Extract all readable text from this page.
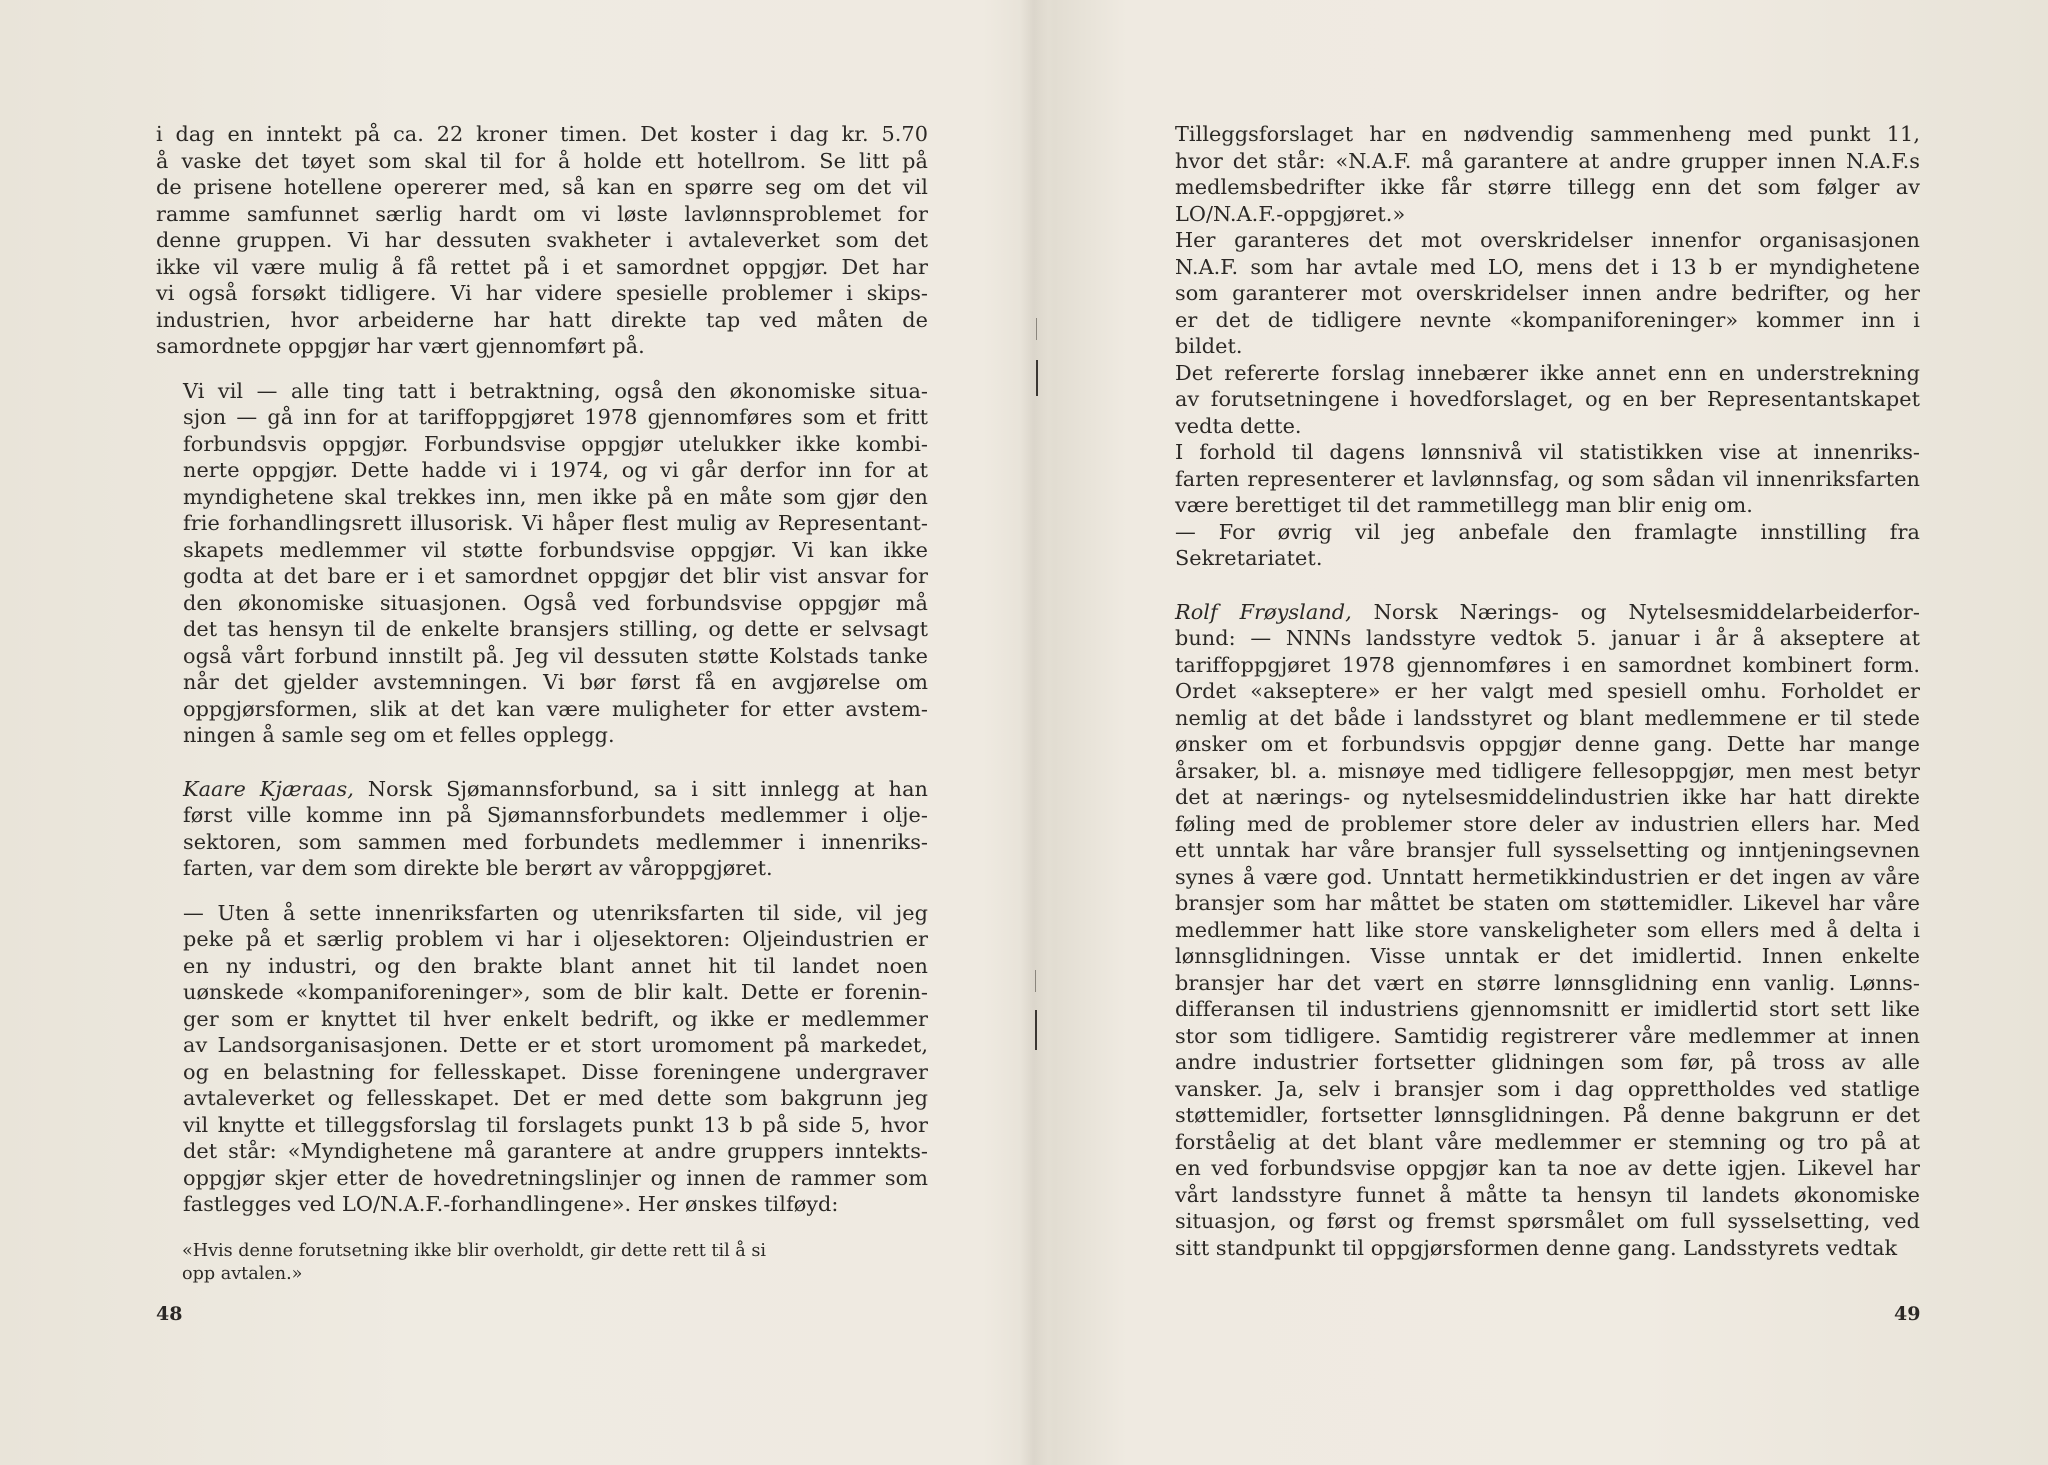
i dag en inntekt på ca. 22 kroner timen. Det koster i dag kr. 5.70
å vaske det tøyet som skal til for å holde ett hotellrom. Se litt på
de prisene hotellene opererer med, så kan en spørre seg om det vil
ramme samfunnet særlig hardt om vi løste lavlønnsproblemet for
denne gruppen. Vi har dessuten svakheter i avtaleverket som det
ikke vil være mulig å få rettet på i et samordnet oppgjør. Det har
vi også forsøkt tidligere. Vi har videre spesielle problemer i skips-
industrien, hvor arbeiderne har hatt direkte tap ved måten de
samordnete oppgjør har vært gjennomført på.
Vi vil — alle ting tatt i betraktning, også den økonomiske situa-
sjon — gå inn for at tariffoppgjøret 1978 gjennomføres som et fritt
forbundsvis oppgjør. Forbundsvise oppgjør utelukker ikke kombi-
nerte oppgjør. Dette hadde vi i 1974, og vi går derfor inn for at
myndighetene skal trekkes inn, men ikke på en måte som gjør den
frie forhandlingsrett illusorisk. Vi håper flest mulig av Representant-
skapets medlemmer vil støtte forbundsvise oppgjør. Vi kan ikke
godta at det bare er i et samordnet oppgjør det blir vist ansvar for
den økonomiske situasjonen. Også ved forbundsvise oppgjør må
det tas hensyn til de enkelte bransjers stilling, og dette er selvsagt
også vårt forbund innstilt på. Jeg vil dessuten støtte Kolstads tanke
når det gjelder avstemningen. Vi bør først få en avgjørelse om
oppgjørsformen, slik at det kan være muligheter for etter avstem-
ningen å samle seg om et felles opplegg.
Kaare Kjæraas, Norsk Sjømannsforbund, sa i sitt innlegg at han
først ville komme inn på Sjømannsforbundets medlemmer i olje-
sektoren, som sammen med forbundets medlemmer i innenriks-
farten, var dem som direkte ble berørt av våroppgjøret.
— Uten å sette innenriksfarten og utenriksfarten til side, vil jeg
peke på et særlig problem vi har i oljesektoren: Oljeindustrien er
en ny industri, og den brakte blant annet hit til landet noen
uønskede «kompaniforeninger», som de blir kalt. Dette er forenin-
ger som er knyttet til hver enkelt bedrift, og ikke er medlemmer
av Landsorganisasjonen. Dette er et stort uromoment på markedet,
og en belastning for fellesskapet. Disse foreningene undergraver
avtaleverket og fellesskapet. Det er med dette som bakgrunn jeg
vil knytte et tilleggsforslag til forslagets punkt 13 b på side 5, hvor
det står: «Myndighetene må garantere at andre gruppers inntekts-
oppgjør skjer etter de hovedretningslinjer og innen de rammer som
fastlegges ved LO/N.A.F.-forhandlingene». Her ønskes tilføyd:
«Hvis denne forutsetning ikke blir overholdt, gir dette rett til å si
opp avtalen.»
Tilleggsforslaget har en nødvendig sammenheng med punkt 11,
hvor det står: «N.A.F. må garantere at andre grupper innen N.A.F.s
medlemsbedrifter ikke får større tillegg enn det som følger av
LO/N.A.F.-oppgjøret.»
Her garanteres det mot overskridelser innenfor organisasjonen
N.A.F. som har avtale med LO, mens det i 13 b er myndighetene
som garanterer mot overskridelser innen andre bedrifter, og her
er det de tidligere nevnte «kompaniforeninger» kommer inn i
bildet.
Det refererte forslag innebærer ikke annet enn en understrekning
av forutsetningene i hovedforslaget, og en ber Representantskapet
vedta dette.
I forhold til dagens lønnsnivå vil statistikken vise at innenriks-
farten representerer et lavlønnsfag, og som sådan vil innenriksfarten
være berettiget til det rammetillegg man blir enig om.
— For øvrig vil jeg anbefale den framlagte innstilling fra
Sekretariatet.
Rolf Frøysland, Norsk Nærings- og Nytelsesmiddelarbeiderfor-
bund: — NNNs landsstyre vedtok 5. januar i år å akseptere at
tariffoppgjøret 1978 gjennomføres i en samordnet kombinert form.
Ordet «akseptere» er her valgt med spesiell omhu. Forholdet er
nemlig at det både i landsstyret og blant medlemmene er til stede
ønsker om et forbundsvis oppgjør denne gang. Dette har mange
årsaker, bl. a. misnøye med tidligere fellesoppgjør, men mest betyr
det at nærings- og nytelsesmiddelindustrien ikke har hatt direkte
føling med de problemer store deler av industrien ellers har. Med
ett unntak har våre bransjer full sysselsetting og inntjeningsevnen
synes å være god. Unntatt hermetikkindustrien er det ingen av våre
bransjer som har måttet be staten om støttemidler. Likevel har våre
medlemmer hatt like store vanskeligheter som ellers med å delta i
lønnsglidningen. Visse unntak er det imidlertid. Innen enkelte
bransjer har det vært en større lønnsglidning enn vanlig. Lønns-
differansen til industriens gjennomsnitt er imidlertid stort sett like
stor som tidligere. Samtidig registrerer våre medlemmer at innen
andre industrier fortsetter glidningen som før, på tross av alle
vansker. Ja, selv i bransjer som i dag opprettholdes ved statlige
støttemidler, fortsetter lønnsglidningen. På denne bakgrunn er det
forståelig at det blant våre medlemmer er stemning og tro på at
en ved forbundsvise oppgjør kan ta noe av dette igjen. Likevel har
vårt landsstyre funnet å måtte ta hensyn til landets økonomiske
situasjon, og først og fremst spørsmålet om full sysselsetting, ved
sitt standpunkt til oppgjørsformen denne gang. Landsstyrets vedtak
48	49
